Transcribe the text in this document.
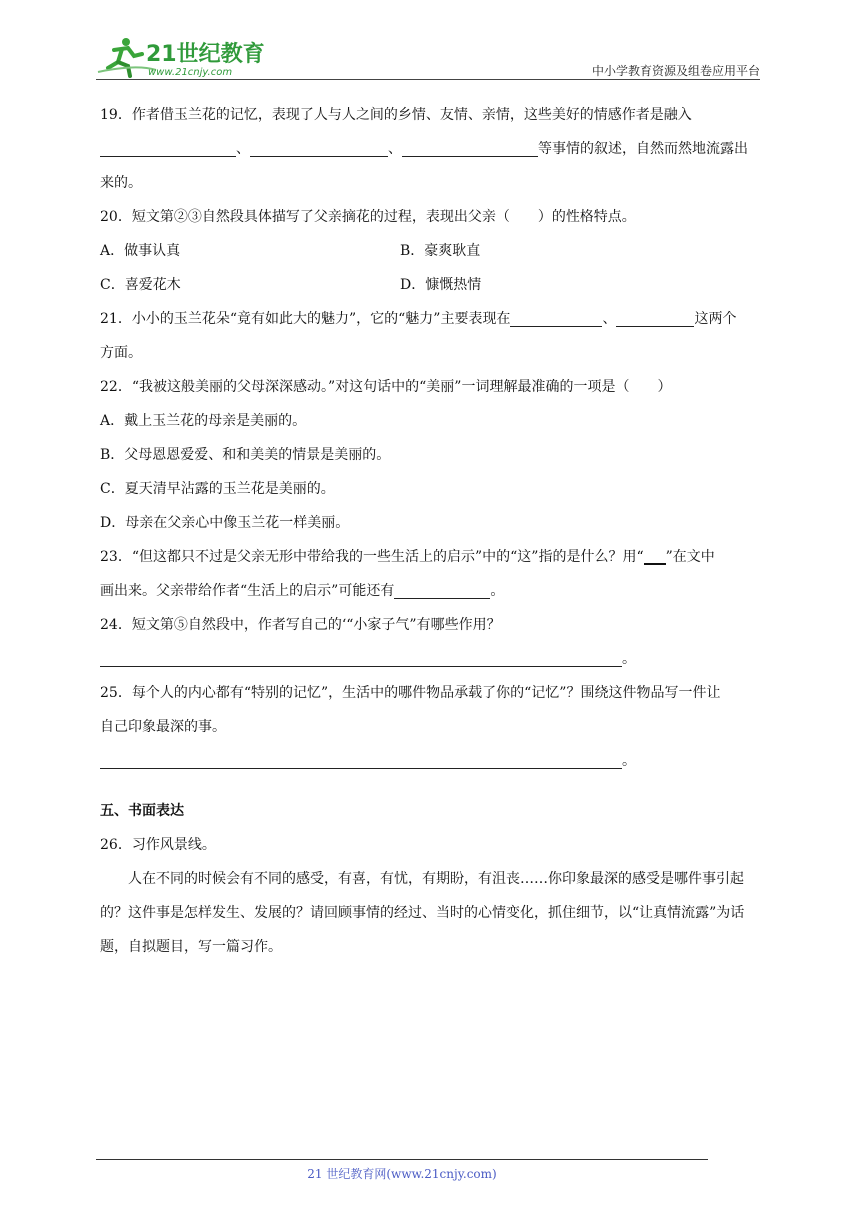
21世纪教育
www.21cnjy.com	中小学教育资源及组卷应用平台
19．作者借玉兰花的记忆，表现了人与人之间的乡情、友情、亲情，这些美好的情感作者是融入
、	、	等事情的叙述，自然而然地流露出
来的。
20．短文第②③自然段具体描写了父亲摘花的过程，表现出父亲（　　）的性格特点。
A．做事认真	B．豪爽耿直
C．喜爱花木	D．慷慨热情
21．小小的玉兰花朵“竟有如此大的魅力”，它的“魅力”主要表现在	、	这两个
方面。
22．“我被这般美丽的父母深深感动。”对这句话中的“美丽”一词理解最准确的一项是（　　）
A．戴上玉兰花的母亲是美丽的。
B．父母恩恩爱爱、和和美美的情景是美丽的。
C．夏天清早沾露的玉兰花是美丽的。
D．母亲在父亲心中像玉兰花一样美丽。
23．“但这都只不过是父亲无形中带给我的一些生活上的启示”中的“这”指的是什么？用“ ”在文中
画出来。父亲带给作者“生活上的启示”可能还有	。
24．短文第⑤自然段中，作者写自己的‘“小家子气”有哪些作用？
。
25．每个人的内心都有“特别的记忆”，生活中的哪件物品承载了你的“记忆”？围绕这件物品写一件让
自己印象最深的事。
。
五、书面表达
26．习作风景线。
人在不同的时候会有不同的感受，有喜，有忧，有期盼，有沮丧……你印象最深的感受是哪件事引起的？这件事是怎样发生、发展的？请回顾事情的经过、当时的心情变化，抓住细节，以“让真情流露”为话题，自拟题目，写一篇习作。
21 世纪教育网(www.21cnjy.com)
